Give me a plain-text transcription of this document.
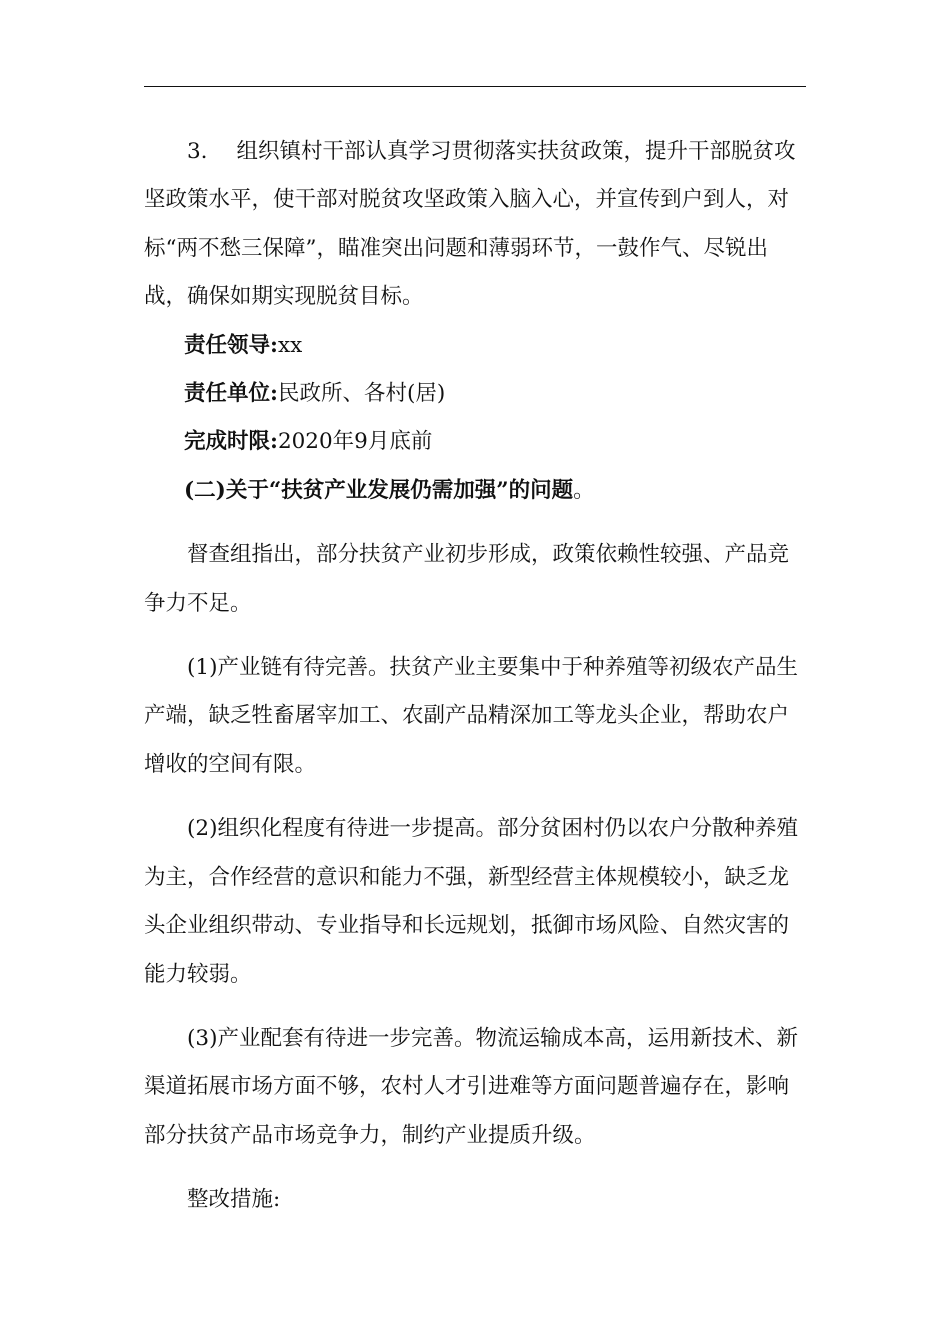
3. 组织镇村干部认真学习贯彻落实扶贫政策，提升干部脱贫攻坚政策水平，使干部对脱贫攻坚政策入脑入心，并宣传到户到人，对标“两不愁三保障”，瞄准突出问题和薄弱环节，一鼓作气、尽锐出战，确保如期实现脱贫目标。

责任领导:xx

责任单位:民政所、各村(居)

完成时限:2020年9月底前

(二)关于“扶贫产业发展仍需加强”的问题。

督查组指出，部分扶贫产业初步形成，政策依赖性较强、产品竞争力不足。

(1)产业链有待完善。扶贫产业主要集中于种养殖等初级农产品生产端，缺乏牲畜屠宰加工、农副产品精深加工等龙头企业，帮助农户增收的空间有限。

(2)组织化程度有待进一步提高。部分贫困村仍以农户分散种养殖为主，合作经营的意识和能力不强，新型经营主体规模较小，缺乏龙头企业组织带动、专业指导和长远规划，抵御市场风险、自然灾害的能力较弱。

(3)产业配套有待进一步完善。物流运输成本高，运用新技术、新渠道拓展市场方面不够，农村人才引进难等方面问题普遍存在，影响部分扶贫产品市场竞争力，制约产业提质升级。

整改措施:
